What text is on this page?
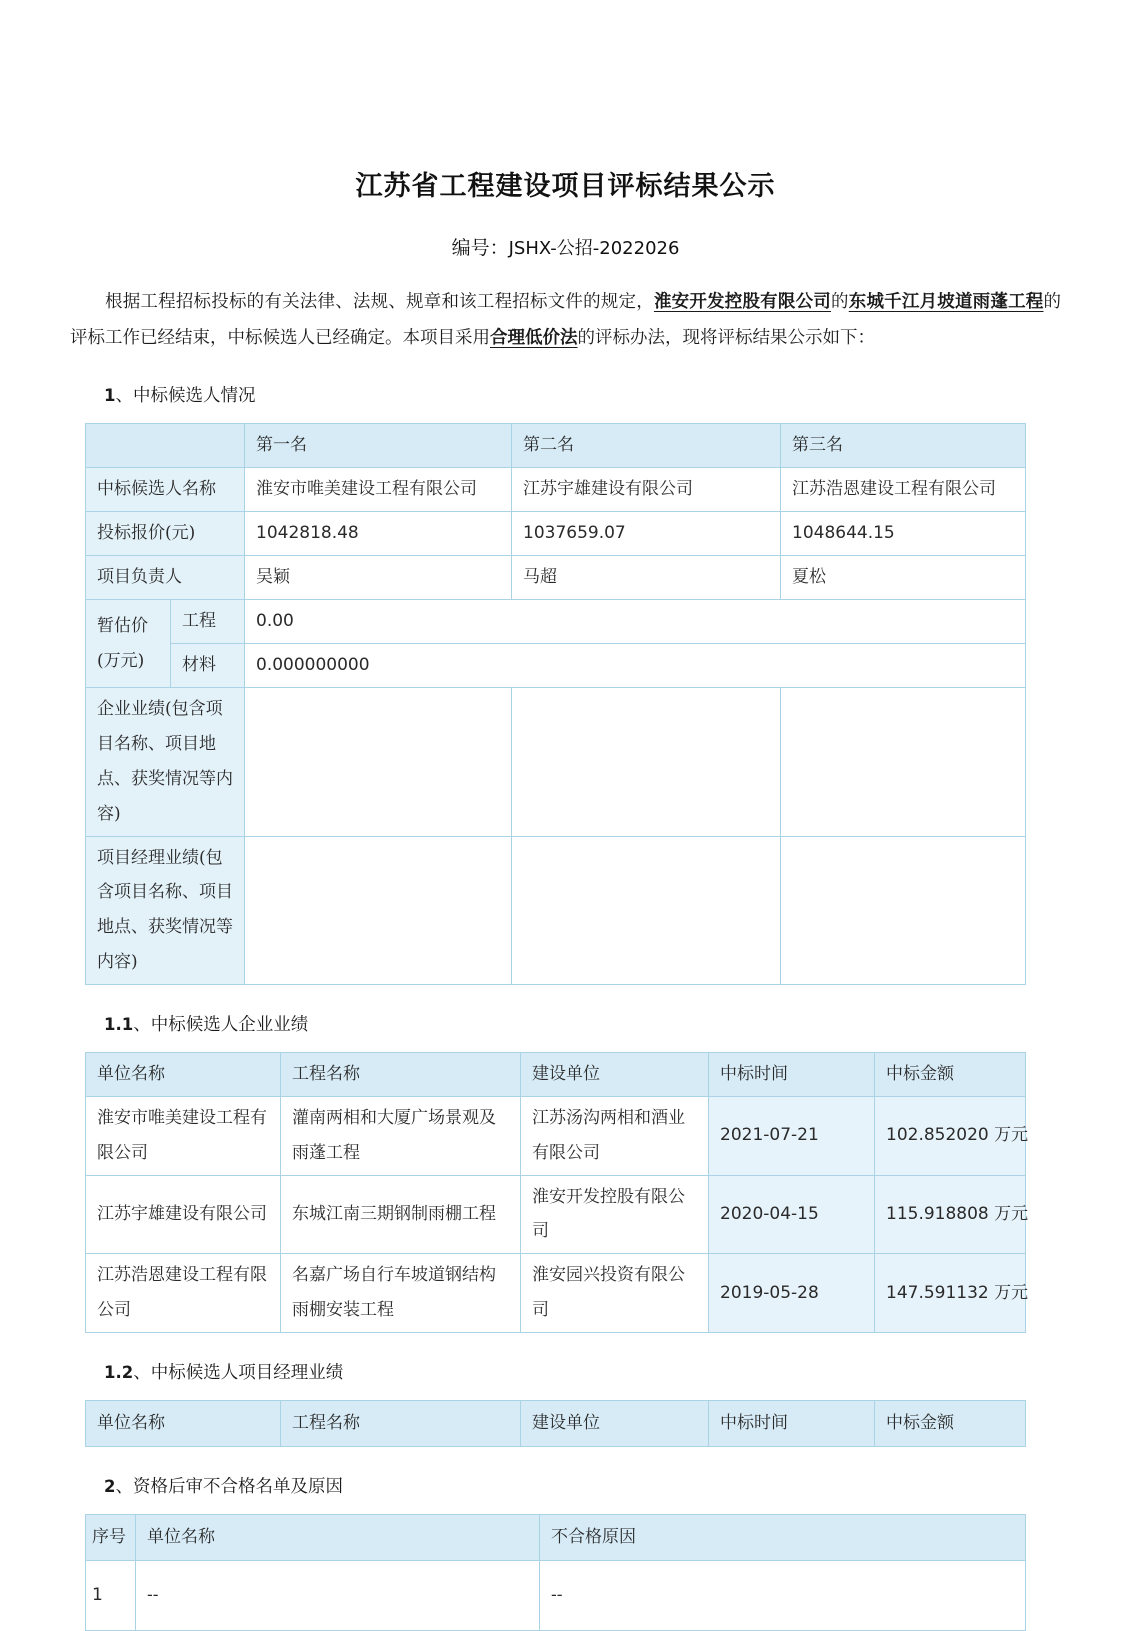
江苏省工程建设项目评标结果公示
编号：JSHX-公招-2022026

根据工程招标投标的有关法律、法规、规章和该工程招标文件的规定，淮安开发控股有限公司的东城千江月坡道雨蓬工程的评标工作已经结束，中标候选人已经确定。本项目采用合理低价法的评标办法，现将评标结果公示如下：

1、中标候选人情况
		第一名	第二名	第三名
中标候选人名称		淮安市唯美建设工程有限公司	江苏宇雄建设有限公司	江苏浩恩建设工程有限公司
投标报价(元)		1042818.48	1037659.07	1048644.15
项目负责人		吴颖	马超	夏松
暂估价
(万元)	工程	0.00		
	材料	0.000000000		
企业业绩(包含项目名称、项目地点、获奖情况等内容)				
项目经理业绩(包含项目名称、项目地点、获奖情况等内容)				
1.1、中标候选人企业业绩
单位名称	工程名称	建设单位	中标时间	中标金额
淮安市唯美建设工程有限公司	灌南两相和大厦广场景观及雨蓬工程	江苏汤沟两相和酒业有限公司	2021-07-21	102.852020 万元
江苏宇雄建设有限公司	东城江南三期钢制雨棚工程	淮安开发控股有限公司	2020-04-15	115.918808 万元
江苏浩恩建设工程有限公司	名嘉广场自行车坡道钢结构雨棚安装工程	淮安园兴投资有限公司	2019-05-28	147.591132 万元
1.2、中标候选人项目经理业绩
单位名称	工程名称	建设单位	中标时间	中标金额
2、资格后审不合格名单及原因
序号	单位名称	不合格原因
1	--	--
